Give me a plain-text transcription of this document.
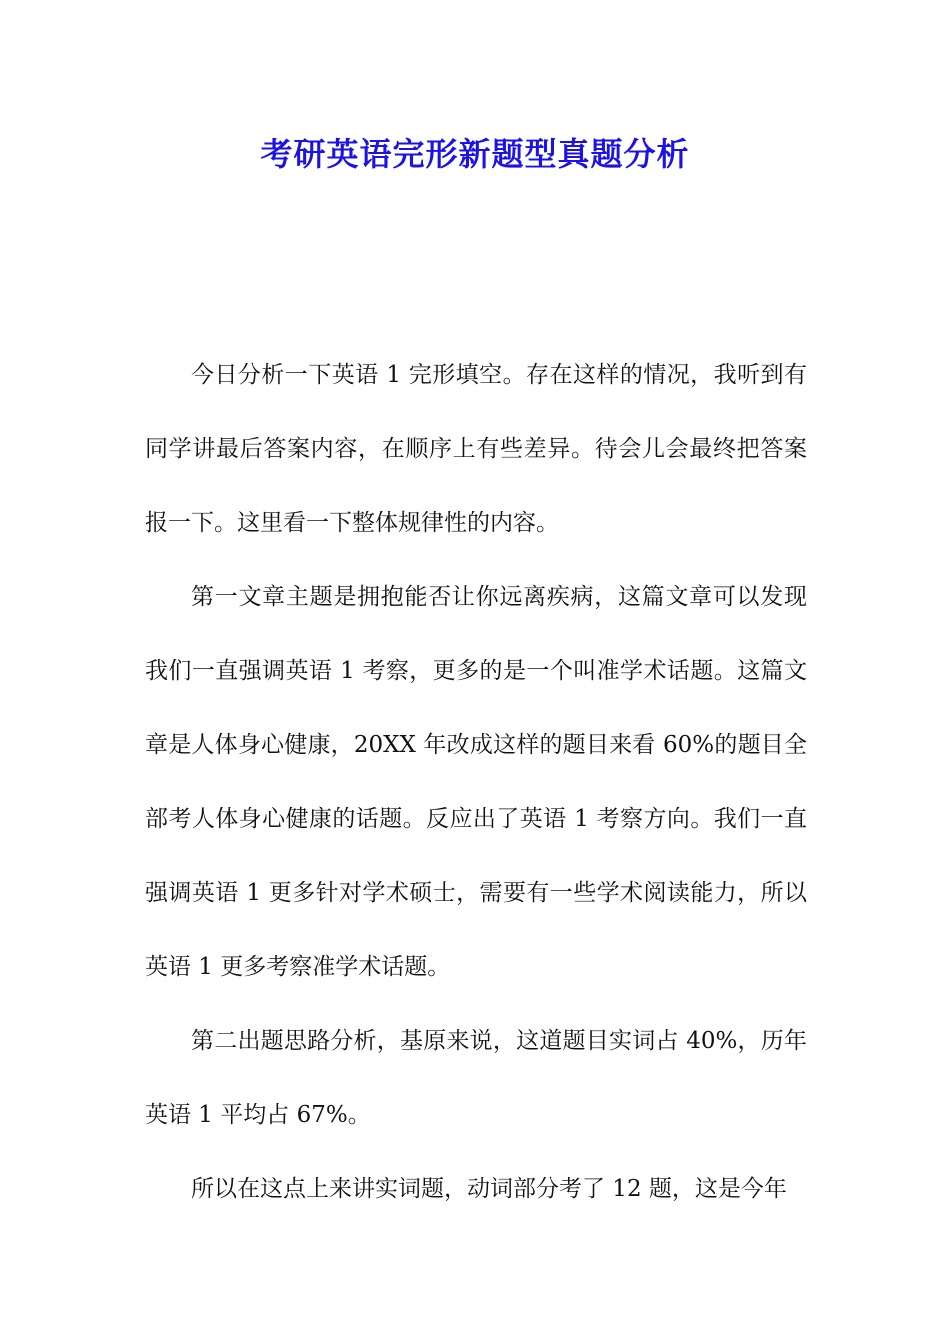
考研英语完形新题型真题分析

今日分析一下英语 1 完形填空。存在这样的情况，我听到有同学讲最后答案内容，在顺序上有些差异。待会儿会最终把答案报一下。这里看一下整体规律性的内容。

第一文章主题是拥抱能否让你远离疾病，这篇文章可以发现我们一直强调英语 1 考察，更多的是一个叫准学术话题。这篇文章是人体身心健康，20XX 年改成这样的题目来看 60%的题目全部考人体身心健康的话题。反应出了英语 1 考察方向。我们一直强调英语 1 更多针对学术硕士，需要有一些学术阅读能力，所以英语 1 更多考察准学术话题。

第二出题思路分析，基原来说，这道题目实词占 40%，历年英语 1 平均占 67%。

所以在这点上来讲实词题，动词部分考了 12 题，这是今年
